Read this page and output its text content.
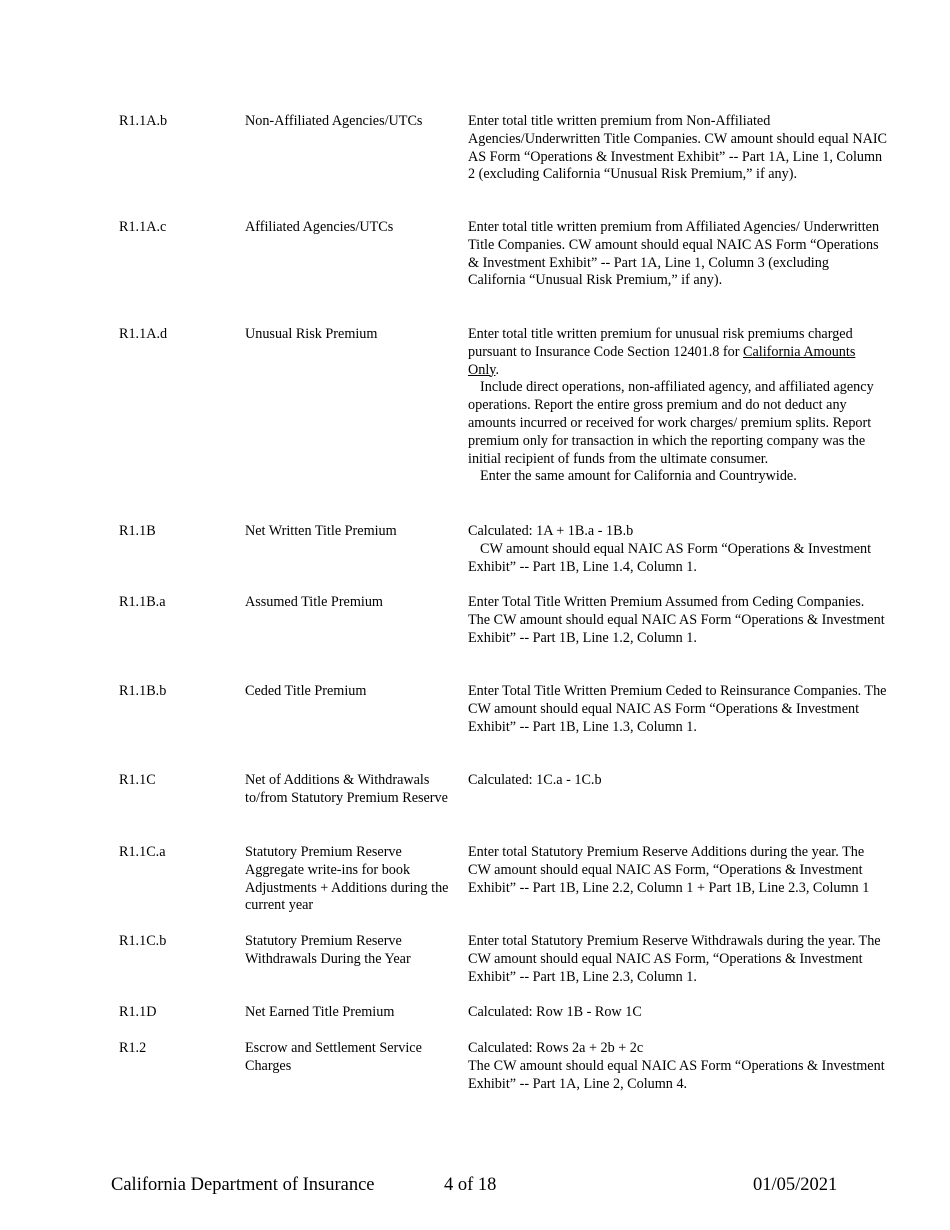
R1.1A.b	Non-Affiliated Agencies/UTCs	Enter total title written premium from Non-Affiliated Agencies/Underwritten Title Companies. CW amount should equal NAIC AS Form “Operations & Investment Exhibit” -- Part 1A, Line 1, Column 2 (excluding California “Unusual Risk Premium,” if any).
R1.1A.c	Affiliated Agencies/UTCs	Enter total title written premium from Affiliated Agencies/ Underwritten Title Companies. CW amount should equal NAIC AS Form “Operations & Investment Exhibit” -- Part 1A, Line 1, Column 3 (excluding California “Unusual Risk Premium,” if any).
R1.1A.d	Unusual Risk Premium	Enter total title written premium for unusual risk premiums charged pursuant to Insurance Code Section 12401.8 for California Amounts Only.

Include direct operations, non-affiliated agency, and affiliated agency operations. Report the entire gross premium and do not deduct any amounts incurred or received for work charges/ premium splits. Report premium only for transaction in which the reporting company was the initial recipient of funds from the ultimate consumer.

Enter the same amount for California and Countrywide.

R1.1B	Net Written Title Premium	Calculated: 1A + 1B.a - 1B.b

CW amount should equal NAIC AS Form “Operations & Investment Exhibit” -- Part 1B, Line 1.4, Column 1.

R1.1B.a	Assumed Title Premium	Enter Total Title Written Premium Assumed from Ceding Companies. The CW amount should equal NAIC AS Form “Operations & Investment Exhibit” -- Part 1B, Line 1.2, Column 1.
R1.1B.b	Ceded Title Premium	Enter Total Title Written Premium Ceded to Reinsurance Companies. The CW amount should equal NAIC AS Form “Operations & Investment Exhibit” -- Part 1B, Line 1.3, Column 1.
R1.1C	Net of Additions & Withdrawals to/from Statutory Premium Reserve
Calculated: 1C.a - 1C.b
R1.1C.a	Statutory Premium Reserve Aggregate write-ins for book Adjustments + Additions during the current year
Enter total Statutory Premium Reserve Additions during the year. The CW amount should equal NAIC AS Form, “Operations & Investment Exhibit” -- Part 1B, Line 2.2, Column 1 + Part 1B, Line 2.3, Column 1
R1.1C.b	Statutory Premium Reserve Withdrawals During the Year
Enter total Statutory Premium Reserve Withdrawals during the year. The CW amount should equal NAIC AS Form, “Operations & Investment Exhibit” -- Part 1B, Line 2.3, Column 1.
R1.1D	Net Earned Title Premium	Calculated: Row 1B - Row 1C
R1.2	Escrow and Settlement Service Charges

Calculated: Rows 2a + 2b + 2c

The CW amount should equal NAIC AS Form “Operations & Investment Exhibit” -- Part 1A, Line 2, Column 4.

California Department of Insurance	4 of 18	01/05/2021
